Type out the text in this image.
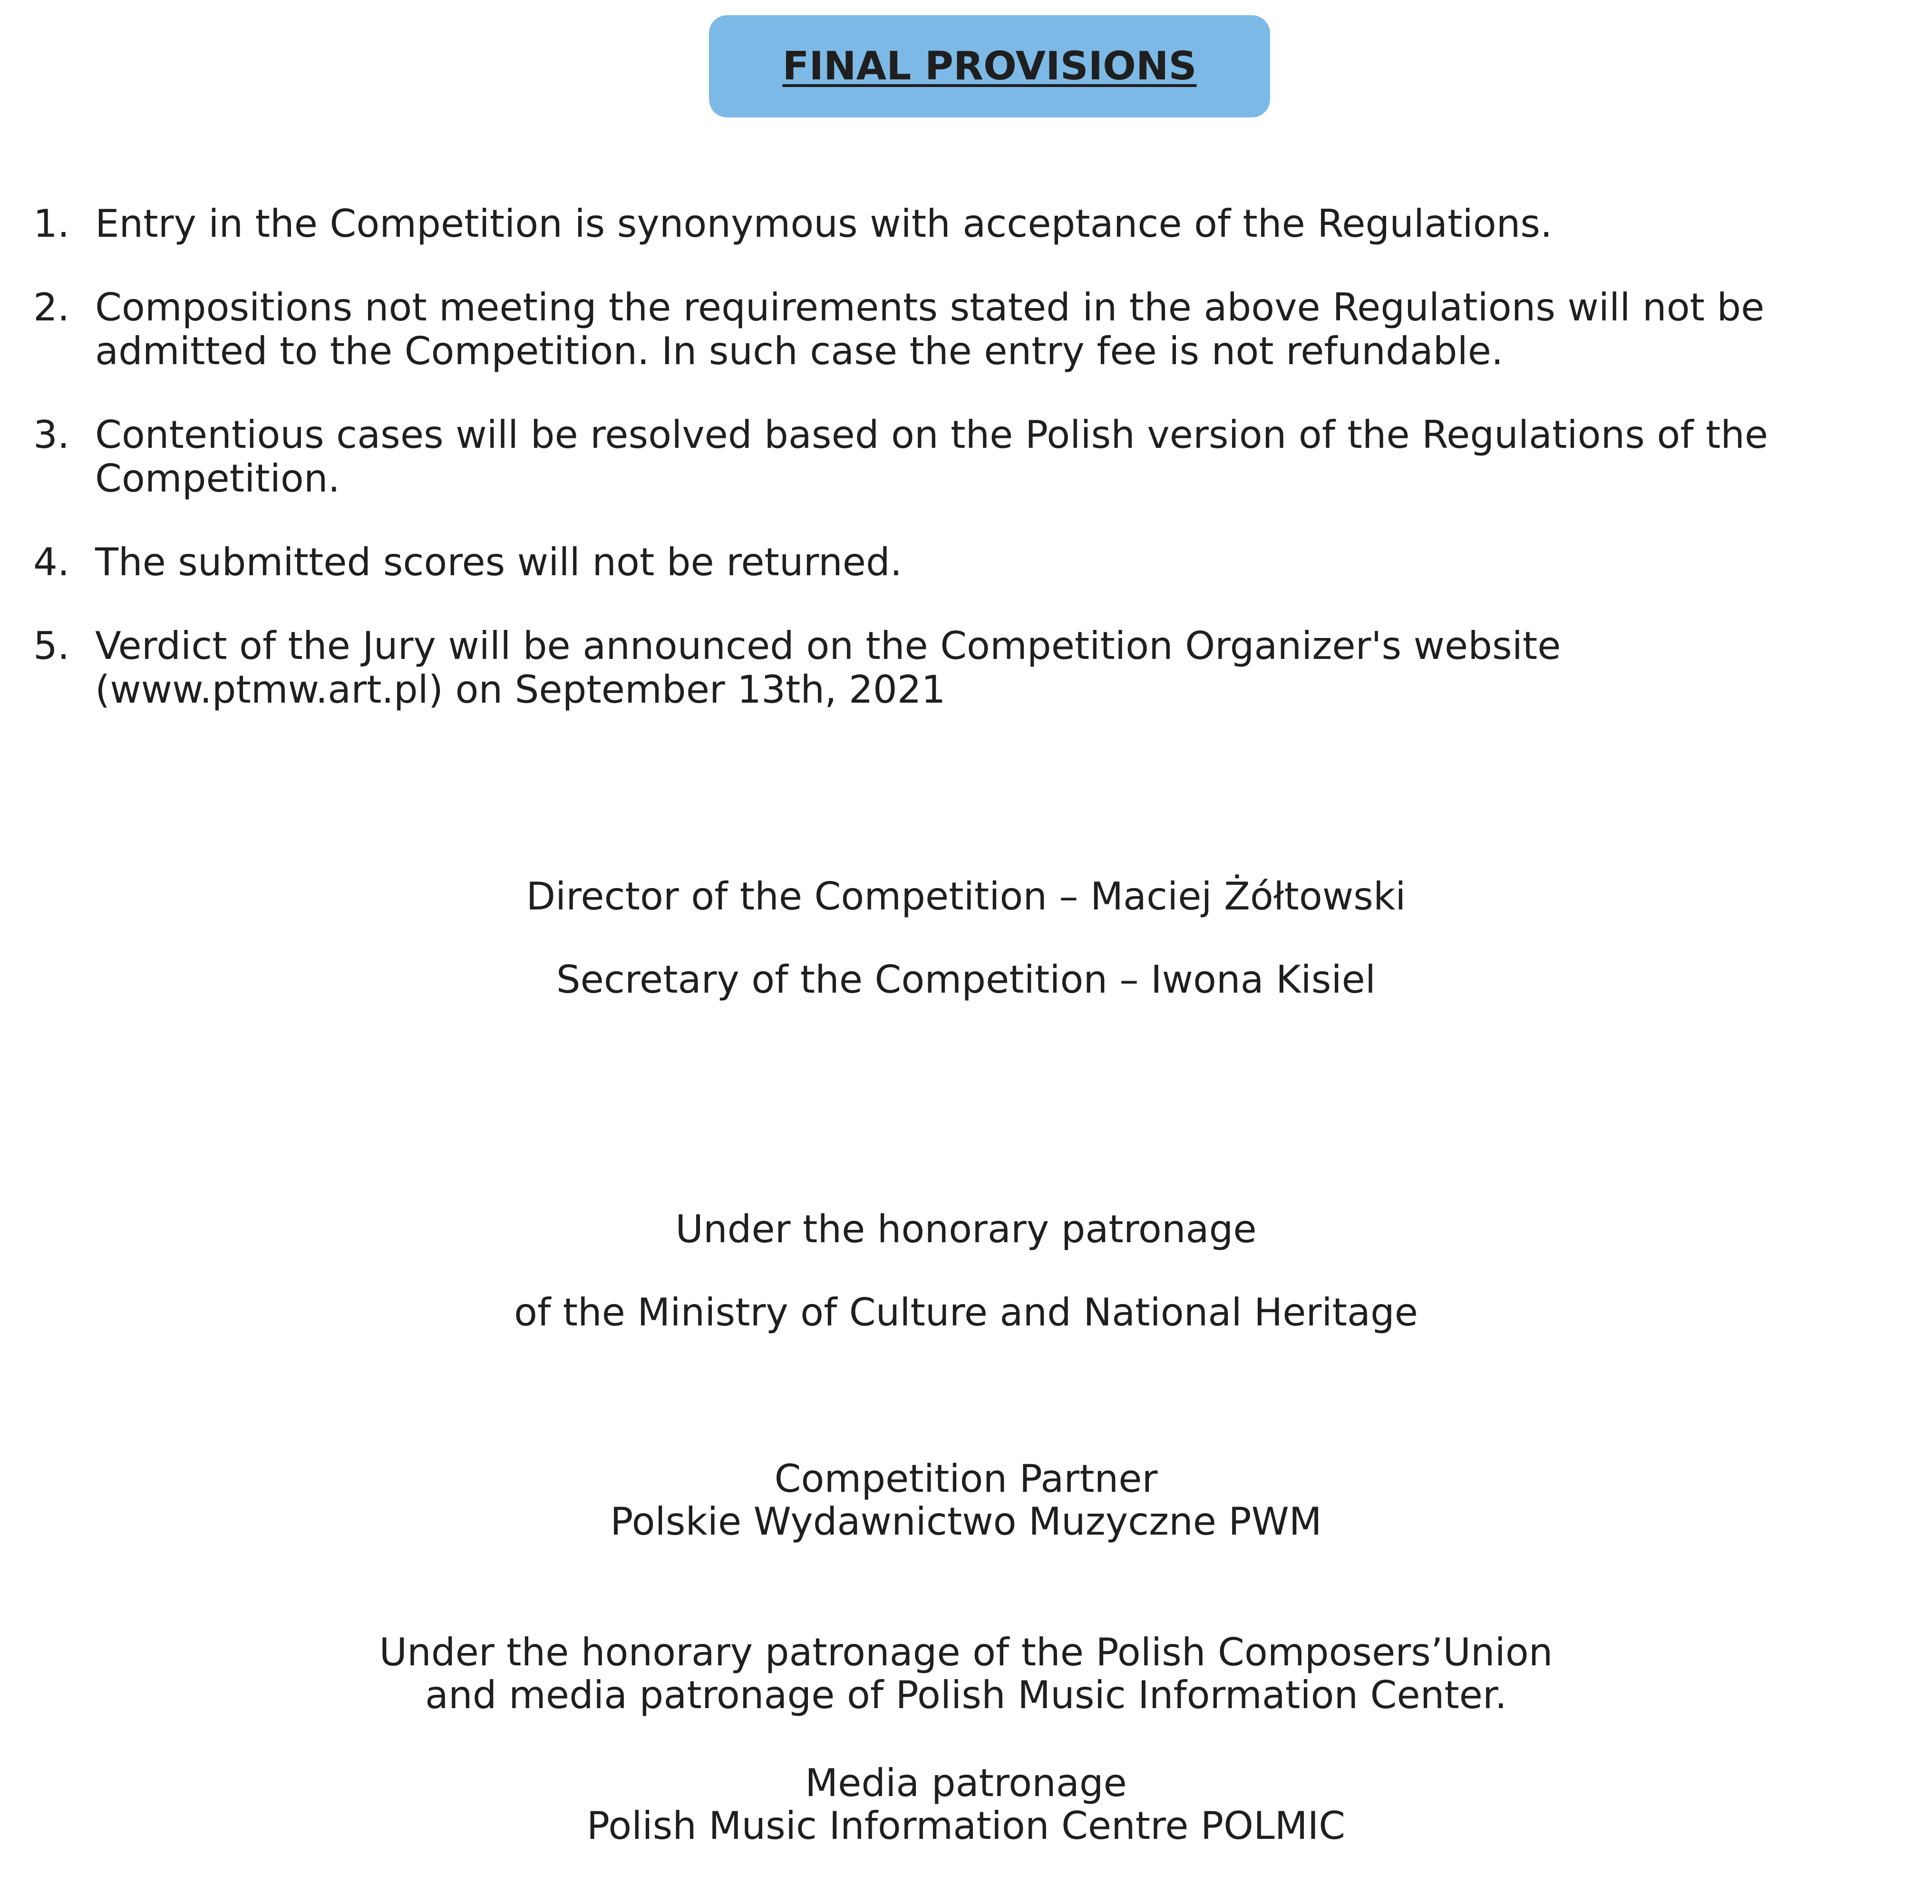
FINAL PROVISIONS
1. Entry in the Competition is synonymous with acceptance of the Regulations.
2. Compositions not meeting the requirements stated in the above Regulations will not be admitted to the Competition. In such case the entry fee is not refundable.
3. Contentious cases will be resolved based on the Polish version of the Regulations of the Competition.
4. The submitted scores will not be returned.
5. Verdict of the Jury will be announced on the Competition Organizer's website (www.ptmw.art.pl) on September 13th, 2021
Director of the Competition – Maciej Żółtowski
Secretary of the Competition – Iwona Kisiel
Under the honorary patronage
of the Ministry of Culture and National Heritage
Competition Partner
Polskie Wydawnictwo Muzyczne PWM
Under the honorary patronage of the Polish Composers’Union
and media patronage of Polish Music Information Center.
Media patronage
Polish Music Information Centre POLMIC
